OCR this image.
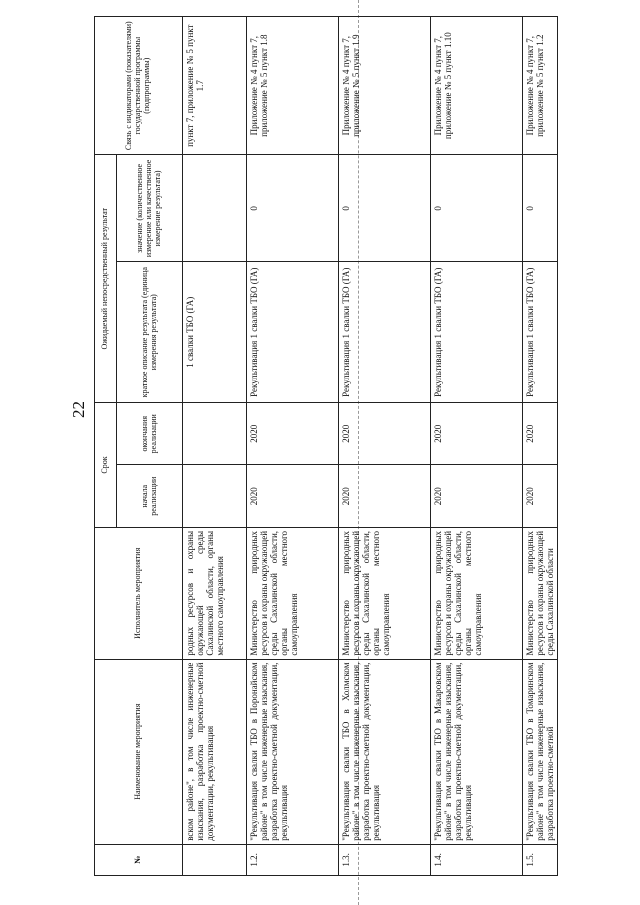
22
№	Наименование мероприятия	Исполнитель мероприятия	Срок		Ожидаемый непосредственный результат		Связь с индикаторами (показателями) государственной программы (подпрограммы)
			начала реализации	окончания реализации	краткое описание результата (единица измерения результата)	значение (количественное измерение или качественное измерение результата)	
	вском районе", в том числе инженерные изыскания, разработка проектно-сметной документации, рекультивация	родных ресурсов и охраны окружающей среды Сахалинской области, органы местного самоуправления			1 свалки ТБО (ГА)		пункт 7, приложение № 5 пункт 1.7
1.2.	"Рекультивация свалки ТБО в Поронайском районе" в том числе инженерные изыскания, разработка проектно-сметной документации, рекультивация	Министерство природных ресурсов и охраны окружающей среды Сахалинской области, органы местного самоуправления	2020	2020	Рекультивация 1 свалки ТБО (ГА)	0	Приложение № 4 пункт 7, приложение № 5 пункт 1.8
1.3.	"Рекультивация свалки ТБО в Холмском районе" в том числе инженерные изыскания, разработка проектно-сметной документации, рекультивация	Министерство природных ресурсов и охраны окружающей среды Сахалинской области, органы местного самоуправления	2020	2020	Рекультивация 1 свалки ТБО (ГА)	0	Приложение № 4 пункт 7, приложение № 5 пункт 1.9
1.4.	"Рекультивация свалки ТБО в Макаровском районе" в том числе инженерные изыскания, разработка проектно-сметной документации, рекультивация	Министерство природных ресурсов и охраны окружающей среды Сахалинской области, органы местного самоуправления	2020	2020	Рекультивация 1 свалки ТБО (ГА)	0	Приложение № 4 пункт 7, приложение № 5 пункт 1.10
1.5.	"Рекультивация свалки ТБО в Томаринском районе" в том числе инженерные изыскания, разработка проектно-сметной	Министерство природных ресурсов и охраны окружающей среды Сахалинской области	2020	2020	Рекультивация 1 свалки ТБО (ГА)	0	Приложение № 4 пункт 7, приложение № 5 пункт 1.2
